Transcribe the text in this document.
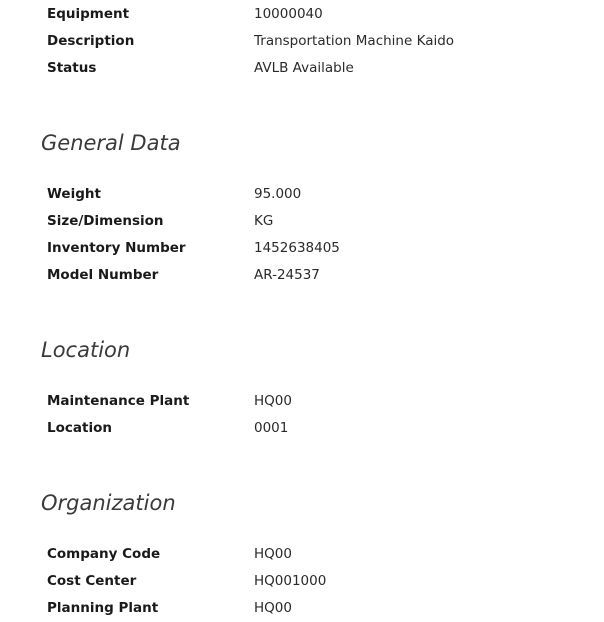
Equipment	10000040
Description	Transportation Machine Kaido
Status	AVLB Available
General Data
Weight	95.000
Size/Dimension	KG
Inventory Number	1452638405
Model Number	AR-24537
Location
Maintenance Plant	HQ00
Location	0001
Organization
Company Code	HQ00
Cost Center	HQ001000
Planning Plant	HQ00
